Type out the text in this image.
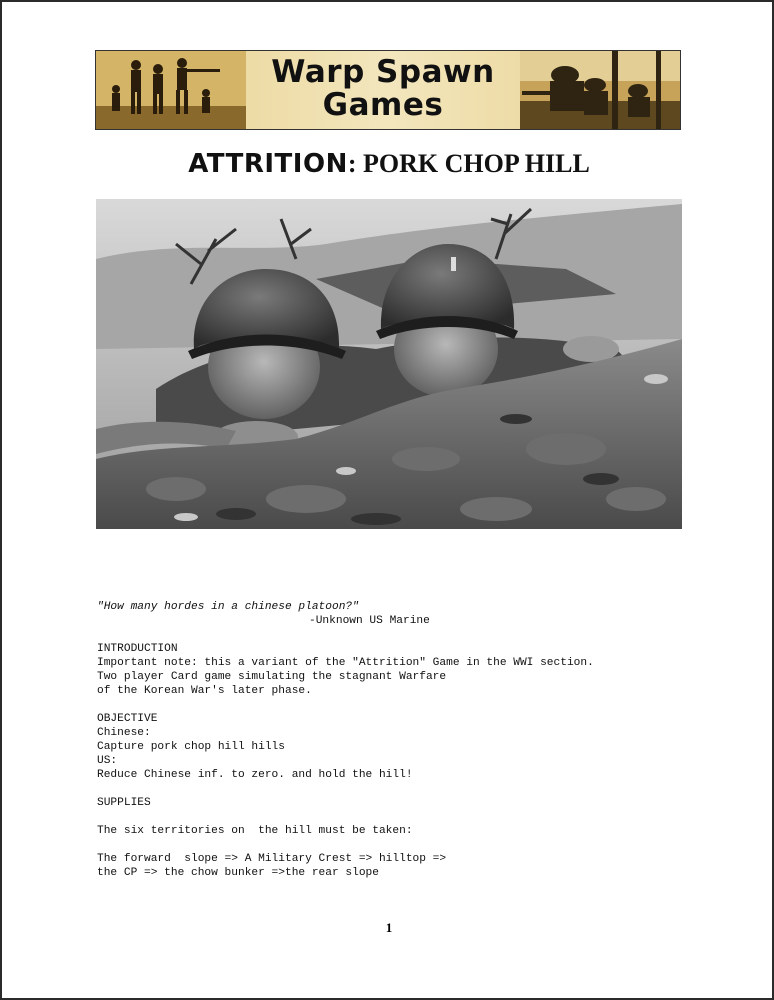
Warp Spawn
Games
ATTRITION: PORK CHOP HILL

"How many hordes in a chinese platoon?"

-Unknown US Marine

INTRODUCTION

Important note: this a variant of the "Attrition" Game in the WWI section.

Two player Card game simulating the stagnant Warfare

of the Korean War's later phase.

OBJECTIVE

Chinese:

Capture pork chop hill hills

US:

Reduce Chinese inf. to zero. and hold the hill!

SUPPLIES

The six territories on  the hill must be taken:

The forward  slope => A Military Crest => hilltop =>

the CP => the chow bunker =>the rear slope

1
